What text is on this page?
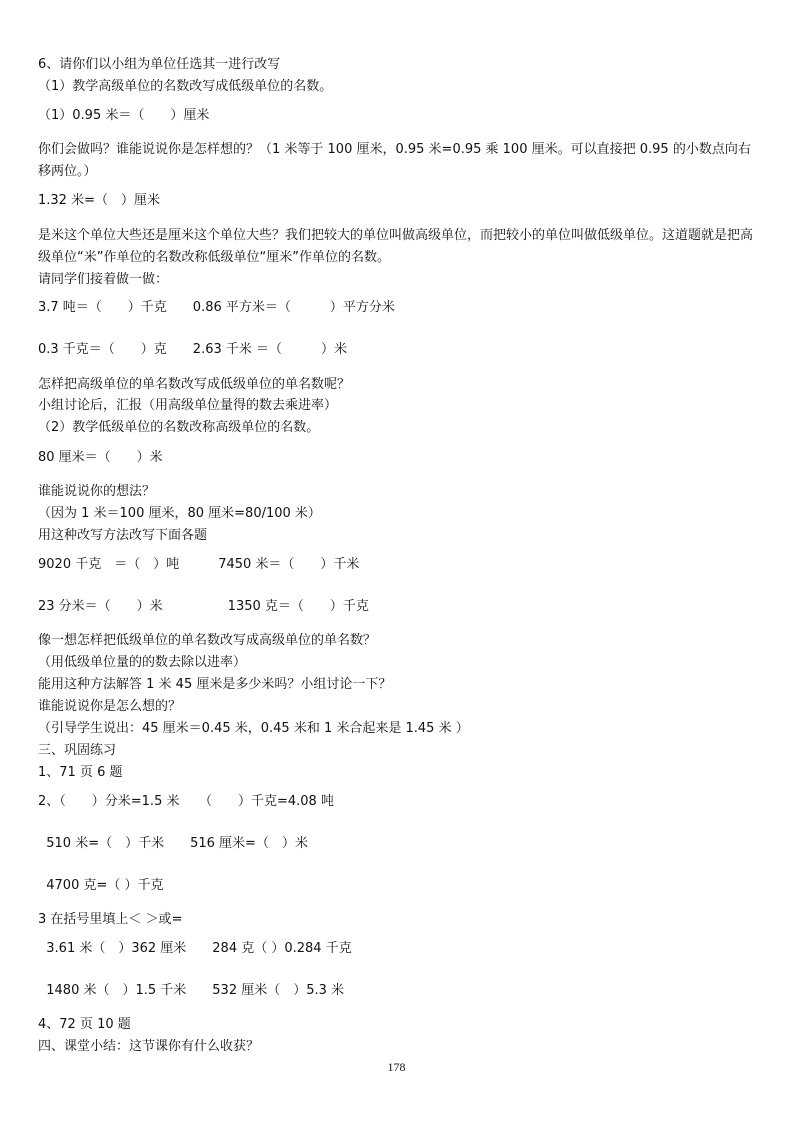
6、请你们以小组为单位任选其一进行改写
（1）教学高级单位的名数改写成低级单位的名数。
（1）0.95 米＝（　　）厘米
你们会做吗？谁能说说你是怎样想的？（1 米等于 100 厘米，0.95 米=0.95 乘 100 厘米。可以直接把 0.95 的小数点向右移两位。）
1.32 米=（　）厘米
是米这个单位大些还是厘米这个单位大些？我们把较大的单位叫做高级单位，而把较小的单位叫做低级单位。这道题就是把高级单位“米”作单位的名数改称低级单位“厘米”作单位的名数。
请同学们接着做一做：
3.7 吨＝（　　）千克　　0.86 平方米＝（　　　）平方分米
0.3 千克＝（　　）克　　2.63 千米 ＝（　　　）米
怎样把高级单位的单名数改写成低级单位的单名数呢？
小组讨论后，汇报（用高级单位量得的数去乘进率）
（2）教学低级单位的名数改称高级单位的名数。
80 厘米＝（　　）米
谁能说说你的想法？
（因为 1 米＝100 厘米，80 厘米=80/100 米）
用这种改写方法改写下面各题
9020 千克　＝（　）吨　　　7450 米＝（　　）千米
23 分米＝（　　）米　　　　　1350 克＝（　　）千克
像一想怎样把低级单位的单名数改写成高级单位的单名数？
（用低级单位量的的数去除以进率）
能用这种方法解答 1 米 45 厘米是多少米吗？小组讨论一下？
谁能说说你是怎么想的？
（引导学生说出：45 厘米＝0.45 米，0.45 米和 1 米合起来是 1.45 米 ）
三、巩固练习
1、71 页 6 题
2、（　　）分米=1.5 米　　（　　）千克=4.08 吨
510 米=（　）千米　　516 厘米=（　）米
4700 克=（ ）千克
3 在括号里填上＜ ＞或=
3.61 米（　）362 厘米　　284 克（ ）0.284 千克
1480 米（　）1.5 千米　　532 厘米（　）5.3 米
4、72 页 10 题
四、课堂小结：这节课你有什么收获？
178
